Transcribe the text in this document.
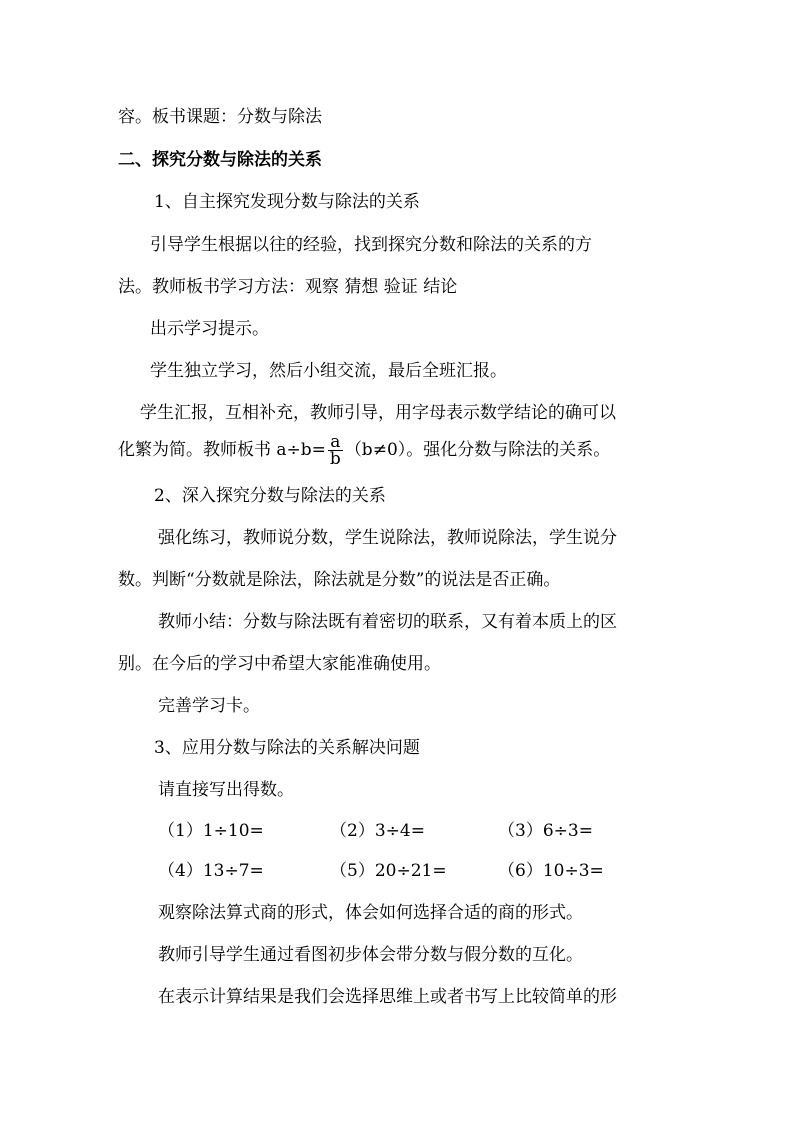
容。板书课题：分数与除法
二、探究分数与除法的关系
1、自主探究发现分数与除法的关系
引导学生根据以往的经验，找到探究分数和除法的关系的方
法。教师板书学习方法：观察 猜想 验证 结论
出示学习提示。
学生独立学习，然后小组交流，最后全班汇报。
学生汇报，互相补充，教师引导，用字母表示数学结论的确可以
化繁为简。教师板书 $a\div b= \frac{a}{b} (b\ne 0)$。强化分数与除法的关系。
2、深入探究分数与除法的关系
强化练习，教师说分数，学生说除法，教师说除法，学生说分
数。判断“分数就是除法，除法就是分数”的说法是否正确。
教师小结：分数与除法既有着密切的联系，又有着本质上的区
别。在今后的学习中希望大家能准确使用。
完善学习卡。
3、应用分数与除法的关系解决问题
请直接写出得数。
（1）1÷10=	（2）3÷4=	（3）6÷3=
（4）13÷7=	（5）20÷21=	（6）10÷3=
观察除法算式商的形式，体会如何选择合适的商的形式。
教师引导学生通过看图初步体会带分数与假分数的互化。
在表示计算结果是我们会选择思维上或者书写上比较简单的形
